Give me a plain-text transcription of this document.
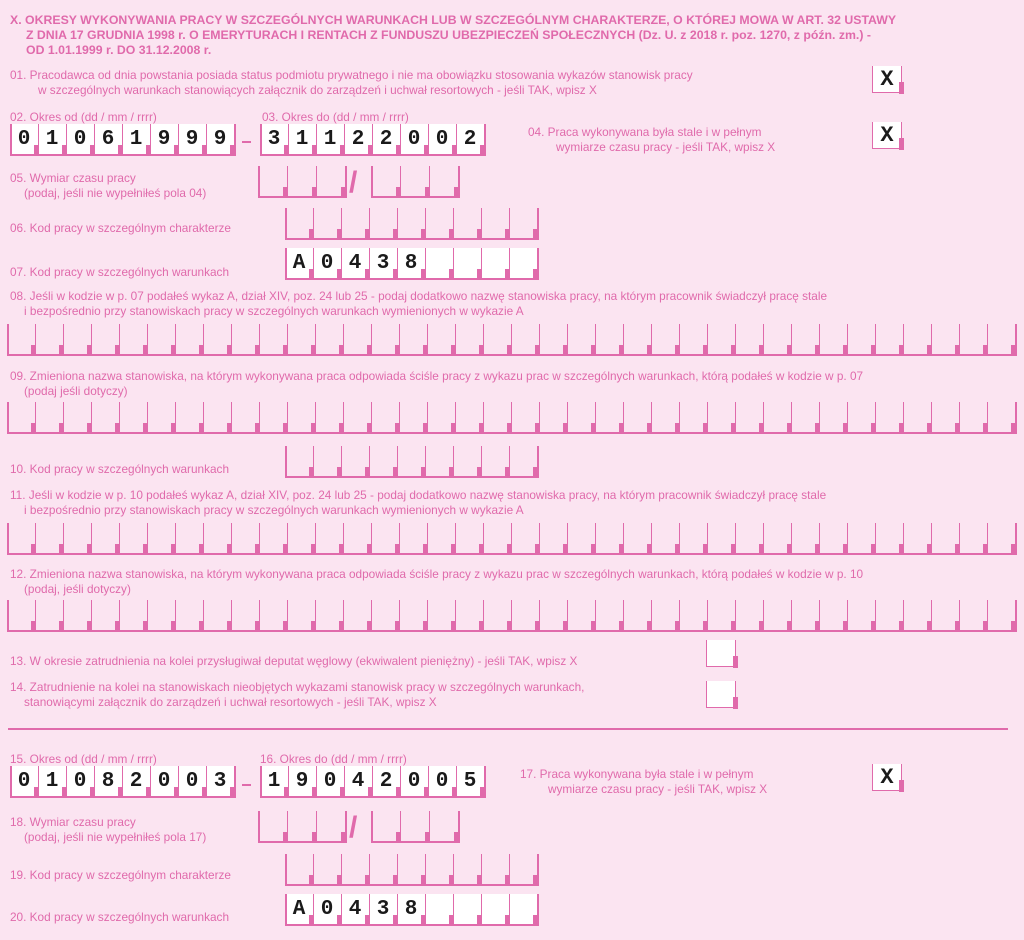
X. OKRESY WYKONYWANIA PRACY W SZCZEGÓLNYCH WARUNKACH LUB W SZCZEGÓLNYM CHARAKTERZE, O KTÓREJ MOWA W ART. 32 USTAWY
Z DNIA 17 GRUDNIA 1998 r. O EMERYTURACH I RENTACH Z FUNDUSZU UBEZPIECZEŃ SPOŁECZNYCH (Dz. U. z 2018 r. poz. 1270, z późn. zm.) -
OD 1.01.1999 r. DO 31.12.2008 r.
01. Pracodawca od dnia powstania posiada status podmiotu prywatnego i nie ma obowiązku stosowania wykazów stanowisk pracy
w szczególnych warunkach stanowiących załącznik do zarządzeń i uchwał resortowych - jeśli TAK, wpisz X	X
02. Okres od (dd / mm / rrrr)
0 1 0 6 1 9 9 9
03. Okres do (dd / mm / rrrr)
3 1 1 2 2 0 0 2	04. Praca wykonywana była stale i w pełnym
wymiarze czasu pracy - jeśli TAK, wpisz X	X
05. Wymiar czasu pracy
(podaj, jeśli nie wypełniłeś pola 04)	/
06. Kod pracy w szczególnym charakterze
07. Kod pracy w szczególnych warunkach	A 0 4 3 8
08. Jeśli w kodzie w p. 07 podałeś wykaz A, dział XIV, poz. 24 lub 25 - podaj dodatkowo nazwę stanowiska pracy, na którym pracownik świadczył pracę stale
i bezpośrednio przy stanowiskach pracy w szczególnych warunkach wymienionych w wykazie A
09. Zmieniona nazwa stanowiska, na którym wykonywana praca odpowiada ściśle pracy z wykazu prac w szczególnych warunkach, którą podałeś w kodzie w p. 07
(podaj jeśli dotyczy)
10. Kod pracy w szczególnych warunkach
11. Jeśli w kodzie w p. 10 podałeś wykaz A, dział XIV, poz. 24 lub 25 - podaj dodatkowo nazwę stanowiska pracy, na którym pracownik świadczył pracę stale
i bezpośrednio przy stanowiskach pracy w szczególnych warunkach wymienionych w wykazie A
12. Zmieniona nazwa stanowiska, na którym wykonywana praca odpowiada ściśle pracy z wykazu prac w szczególnych warunkach, którą podałeś w kodzie w p. 10
(podaj, jeśli dotyczy)
13. W okresie zatrudnienia na kolei przysługiwał deputat węglowy (ekwiwalent pieniężny) - jeśli TAK, wpisz X
14. Zatrudnienie na kolei na stanowiskach nieobjętych wykazami stanowisk pracy w szczególnych warunkach,
stanowiącymi załącznik do zarządzeń i uchwał resortowych - jeśli TAK, wpisz X
15. Okres od (dd / mm / rrrr)
0 1 0 8 2 0 0 3
16. Okres do (dd / mm / rrrr)
1 9 0 4 2 0 0 5	17. Praca wykonywana była stale i w pełnym
wymiarze czasu pracy - jeśli TAK, wpisz X	X
18. Wymiar czasu pracy
(podaj, jeśli nie wypełniłeś pola 17)	/
19. Kod pracy w szczególnym charakterze
20. Kod pracy w szczególnych warunkach	A 0 4 3 8
